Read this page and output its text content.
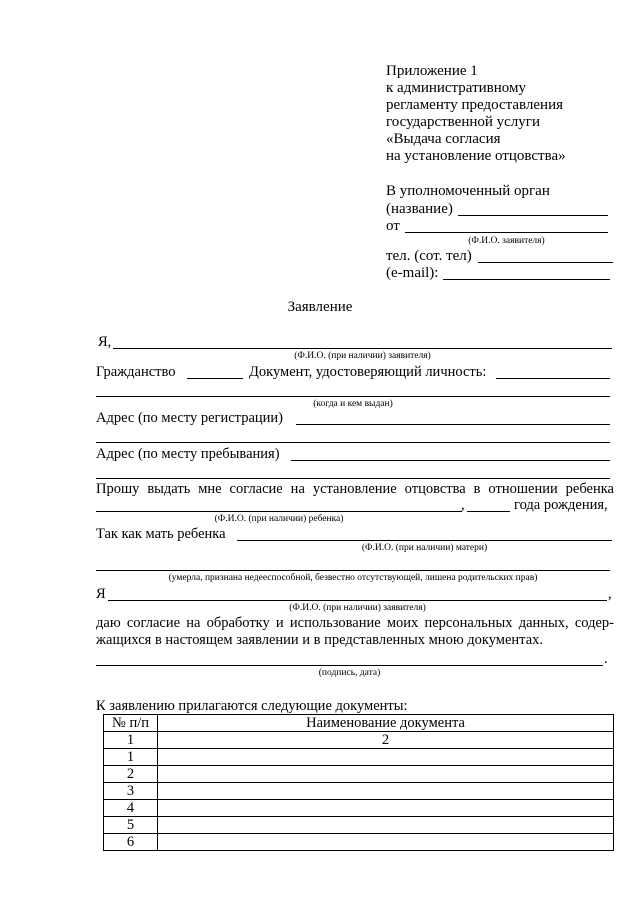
Приложение 1
к административному
регламенту предоставления
государственной услуги
«Выдача согласия
на установление отцовства»
В уполномоченный орган
(название)
от
(Ф.И.О. заявителя)
тел. (сот. тел)
(e-mail):
Заявление
Я,
(Ф.И.О. (при наличии) заявителя)
Гражданство	Документ, удостоверяющий личность:
(когда и кем выдан)
Адрес (по месту регистрации)
Адрес (по месту пребывания)
Прошу выдать мне согласие на установление отцовства в отношении ребенка
,	года рождения,
(Ф.И.О. (при наличии) ребенка)
Так как мать ребенка
(Ф.И.О. (при наличии) матери)
(умерла, признана недееспособной, безвестно отсутствующей, лишена родительских прав)
Я	,
(Ф.И.О. (при наличии) заявителя)
даю согласие на обработку и использование моих персональных данных, содер-
жащихся в настоящем заявлении и в представленных мною документах.
.
(подпись, дата)
К заявлению прилагаются следующие документы:
№ п/п	Наименование документа
1	2
1	
2	
3	
4	
5	
6	
